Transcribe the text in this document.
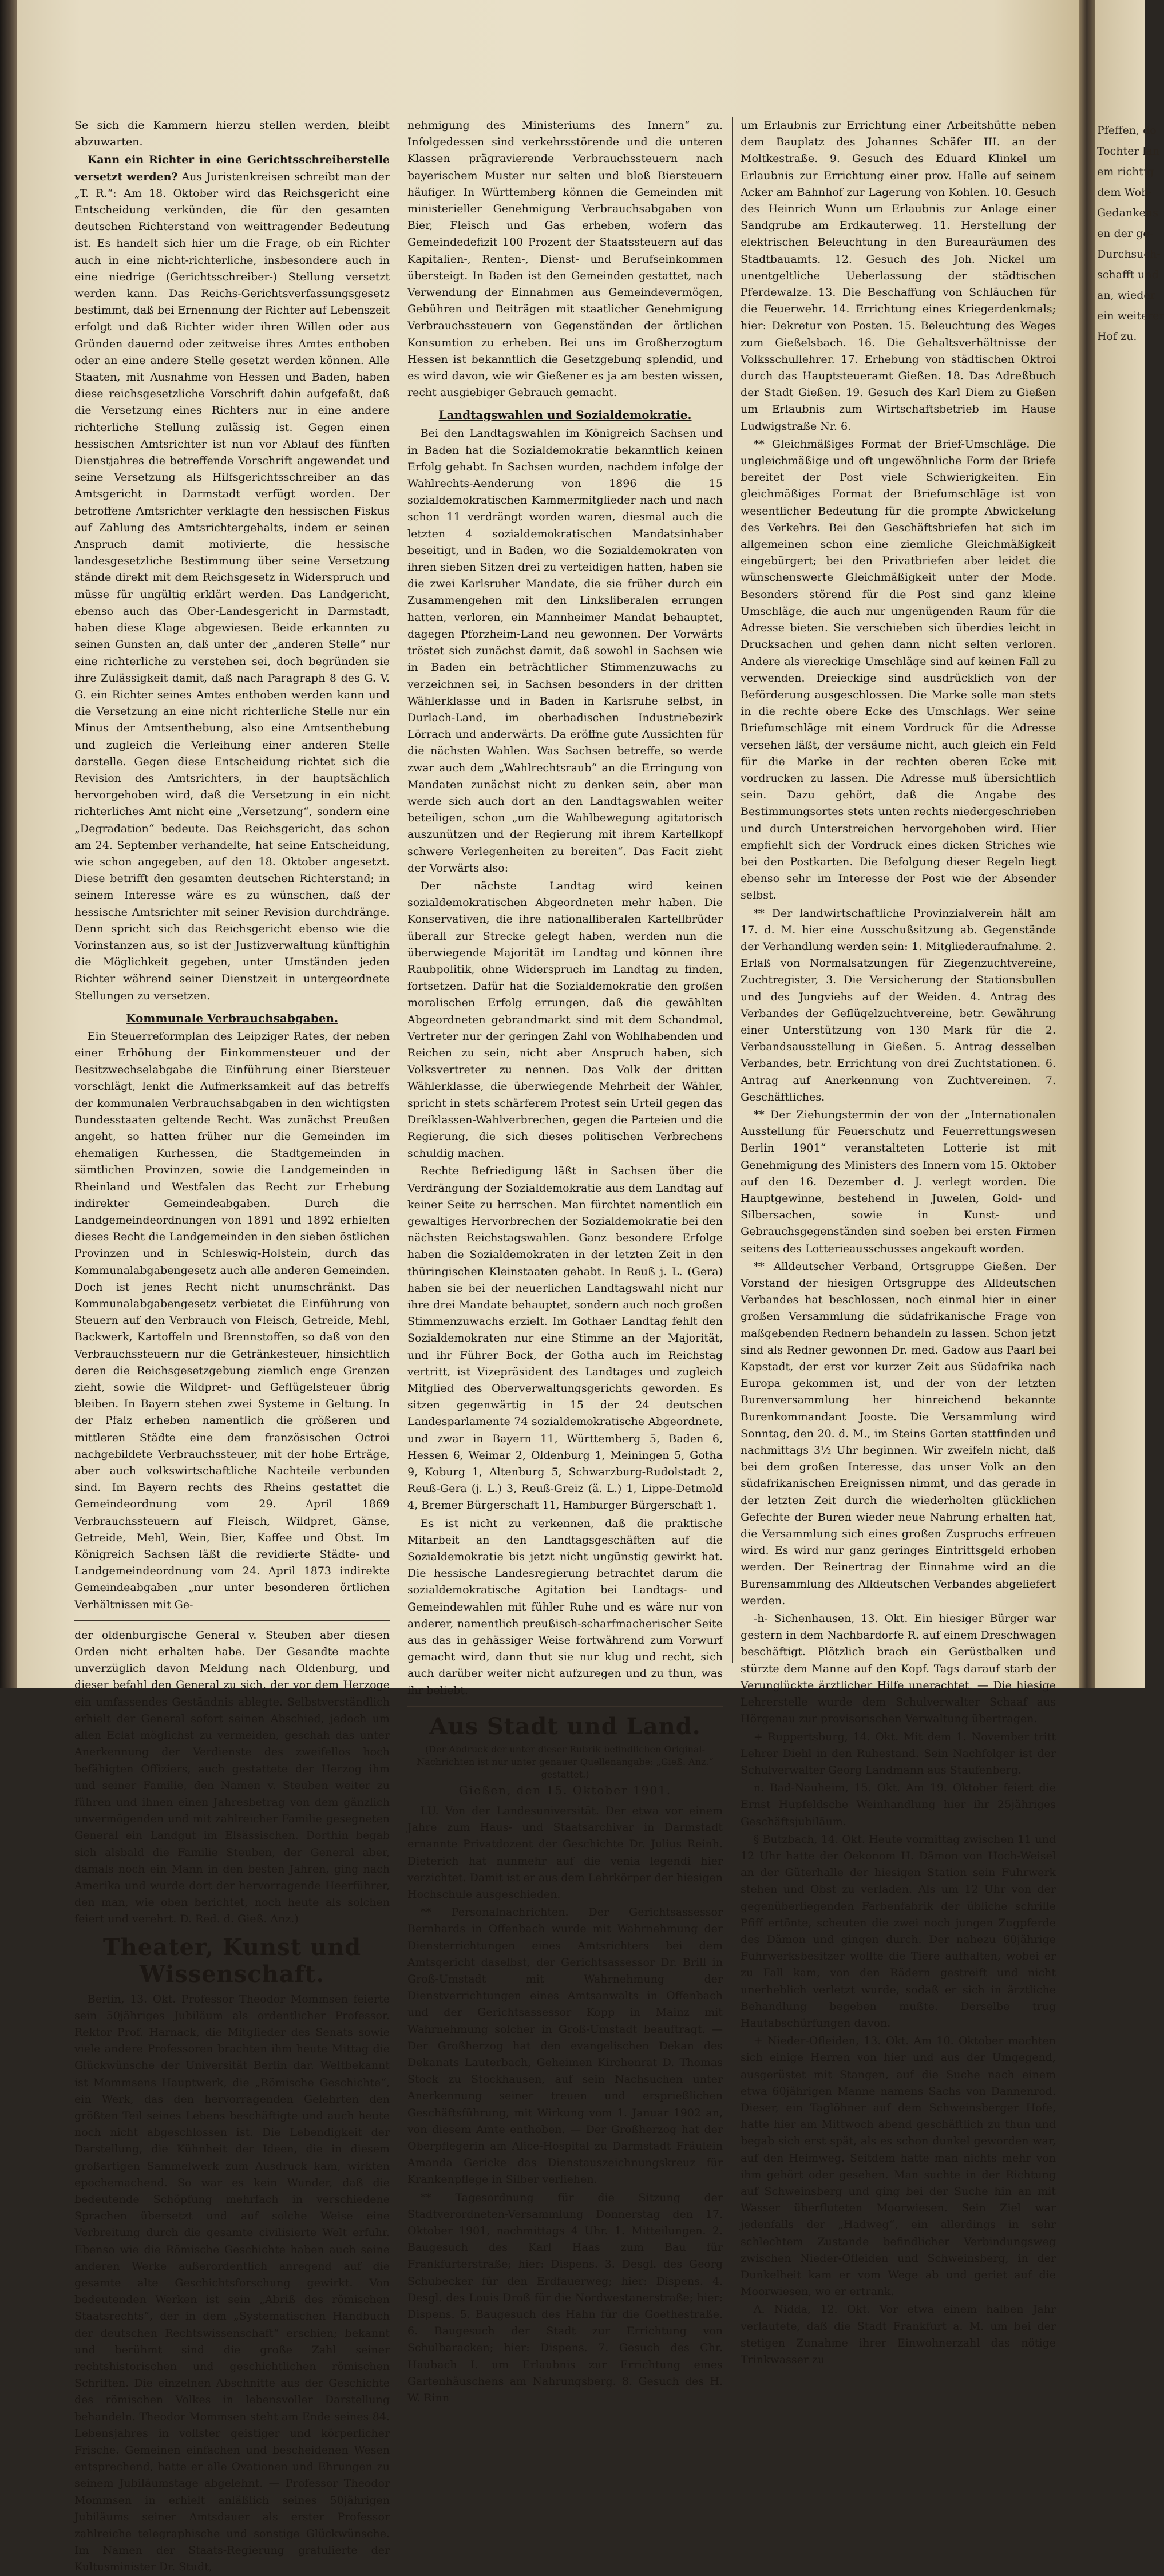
Se sich die Kammern hierzu stellen werden, bleibt abzuwarten.

Kann ein Richter in eine Gerichtsschreiberstelle versetzt werden? Aus Juristenkreisen schreibt man der „T. R.“: Am 18. Oktober wird das Reichsgericht eine Entscheidung verkünden, die für den gesamten deutschen Richterstand von weittragender Bedeutung ist. Es handelt sich hier um die Frage, ob ein Richter auch in eine nicht-richterliche, insbesondere auch in eine niedrige (Gerichtsschreiber-) Stellung versetzt werden kann. Das Reichs-Gerichtsverfassungsgesetz bestimmt, daß bei Ernennung der Richter auf Lebenszeit erfolgt und daß Richter wider ihren Willen oder aus Gründen dauernd oder zeitweise ihres Amtes enthoben oder an eine andere Stelle gesetzt werden können. Alle Staaten, mit Ausnahme von Hessen und Baden, haben diese reichsgesetzliche Vorschrift dahin aufgefaßt, daß die Versetzung eines Richters nur in eine andere richterliche Stellung zulässig ist. Gegen einen hessischen Amtsrichter ist nun vor Ablauf des fünften Dienstjahres die betreffende Vorschrift angewendet und seine Versetzung als Hilfsgerichtsschreiber an das Amtsgericht in Darmstadt verfügt worden. Der betroffene Amtsrichter verklagte den hessischen Fiskus auf Zahlung des Amtsrichtergehalts, indem er seinen Anspruch damit motivierte, die hessische landesgesetzliche Bestimmung über seine Versetzung stände direkt mit dem Reichsgesetz in Widerspruch und müsse für ungültig erklärt werden. Das Landgericht, ebenso auch das Ober-Landesgericht in Darmstadt, haben diese Klage abgewiesen. Beide erkannten zu seinen Gunsten an, daß unter der „anderen Stelle“ nur eine richterliche zu verstehen sei, doch begründen sie ihre Zulässigkeit damit, daß nach Paragraph 8 des G. V. G. ein Richter seines Amtes enthoben werden kann und die Versetzung an eine nicht richterliche Stelle nur ein Minus der Amtsenthebung, also eine Amtsenthebung und zugleich die Verleihung einer anderen Stelle darstelle. Gegen diese Entscheidung richtet sich die Revision des Amtsrichters, in der hauptsächlich hervorgehoben wird, daß die Versetzung in ein nicht richterliches Amt nicht eine „Versetzung“, sondern eine „Degradation“ bedeute. Das Reichsgericht, das schon am 24. September verhandelte, hat seine Entscheidung, wie schon angegeben, auf den 18. Oktober angesetzt. Diese betrifft den gesamten deutschen Richterstand; in seinem Interesse wäre es zu wünschen, daß der hessische Amtsrichter mit seiner Revision durchdränge. Denn spricht sich das Reichsgericht ebenso wie die Vorinstanzen aus, so ist der Justizverwaltung künftighin die Möglichkeit gegeben, unter Umständen jeden Richter während seiner Dienstzeit in untergeordnete Stellungen zu versetzen.

Kommunale Verbrauchsabgaben.

Ein Steuerreformplan des Leipziger Rates, der neben einer Erhöhung der Einkommensteuer und der Besitzwechselabgabe die Einführung einer Biersteuer vorschlägt, lenkt die Aufmerksamkeit auf das betreffs der kommunalen Verbrauchsabgaben in den wichtigsten Bundesstaaten geltende Recht. Was zunächst Preußen angeht, so hatten früher nur die Gemeinden im ehemaligen Kurhessen, die Stadtgemeinden in sämtlichen Provinzen, sowie die Landgemeinden in Rheinland und Westfalen das Recht zur Erhebung indirekter Gemeindeabgaben. Durch die Landgemeindeordnungen von 1891 und 1892 erhielten dieses Recht die Landgemeinden in den sieben östlichen Provinzen und in Schleswig-Holstein, durch das Kommunalabgabengesetz auch alle anderen Gemeinden. Doch ist jenes Recht nicht unumschränkt. Das Kommunalabgabengesetz verbietet die Einführung von Steuern auf den Verbrauch von Fleisch, Getreide, Mehl, Backwerk, Kartoffeln und Brennstoffen, so daß von den Verbrauchssteuern nur die Getränkesteuer, hinsichtlich deren die Reichsgesetzgebung ziemlich enge Grenzen zieht, sowie die Wildpret- und Geflügelsteuer übrig bleiben. In Bayern stehen zwei Systeme in Geltung. In der Pfalz erheben namentlich die größeren und mittleren Städte eine dem französischen Octroi nachgebildete Verbrauchssteuer, mit der hohe Erträge, aber auch volkswirtschaftliche Nachteile verbunden sind. Im Bayern rechts des Rheins gestattet die Gemeindeordnung vom 29. April 1869 Verbrauchssteuern auf Fleisch, Wildpret, Gänse, Getreide, Mehl, Wein, Bier, Kaffee und Obst. Im Königreich Sachsen läßt die revidierte Städte- und Landgemeindeordnung vom 24. April 1873 indirekte Gemeindeabgaben „nur unter besonderen örtlichen Verhältnissen mit Ge-

der oldenburgische General v. Steuben aber diesen Orden nicht erhalten habe. Der Gesandte machte unverzüglich davon Meldung nach Oldenburg, und dieser befahl den General zu sich, der vor dem Herzoge ein umfassendes Geständnis ablegte. Selbstverständlich erhielt der General sofort seinen Abschied, jedoch um allen Eclat möglichst zu vermeiden, geschah das unter Anerkennung der Verdienste des zweifellos hoch befähigten Offiziers, auch gestattete der Herzog ihm und seiner Familie, den Namen v. Steuben weiter zu führen und ihnen einen Jahresbetrag von dem gänzlich unvermögenden und mit zahlreicher Familie gesegneten General ein Landgut im Elsässischen. Dorthin begab sich alsbald die Familie Steuben, der General aber, damals noch ein Mann in den besten Jahren, ging nach Amerika und wurde dort der hervorragende Heerführer, den man, wie oben berichtet, noch heute als solchen feiert und verehrt. D. Red. d. Gieß. Anz.)

Theater, Kunst und Wissenschaft.

Berlin, 13. Okt. Professor Theodor Mommsen feierte sein 50jähriges Jubiläum als ordentlicher Professor. Rektor Prof. Harnack, die Mitglieder des Senats sowie viele andere Professoren brachten ihm heute Mittag die Glückwünsche der Universität Berlin dar. Weltbekannt ist Mommsens Hauptwerk, die „Römische Geschichte“, ein Werk, das den hervorragenden Gelehrten den größten Teil seines Lebens beschäftigte und auch heute noch nicht abgeschlossen ist. Die Lebendigkeit der Darstellung, die Kühnheit der Ideen, die in diesem großartigen Sammelwerk zum Ausdruck kam, wirkten epochemachend. So war es kein Wunder, daß die bedeutende Schöpfung mehrfach in verschiedene Sprachen übersetzt und auf solche Weise eine Verbreitung durch die gesamte civilisierte Welt erfuhr. Ebenso wie die Römische Geschichte haben auch seine anderen Werke außerordentlich anregend auf die gesamte alte Geschichtsforschung gewirkt. Von bedeutenden Werken ist sein „Abriß des römischen Staatsrechts“, der in dem „Systematischen Handbuch der deutschen Rechtswissenschaft“ erschien; bekannt und berühmt sind die große Zahl seiner rechtshistorischen und geschichtlichen römischen Schriften. Die einzelnen Abschnitte aus der Geschichte des römischen Volkes in lebensvoller Darstellung behandeln. Theodor Mommsen steht am Ende seines 84. Lebensjahres in vollster geistiger und körperlicher Frische. Gemeinen einfachen und bescheidenen Wesen entsprechend, hatte er alle Ovationen und Ehrungen zu seinem Jubiläumstage abgelehnt. — Professor Theodor Mommsen in erhielt anläßlich seines 50jährigen Jubiläums seiner Amtsdauer als erster Professor zahlreiche telegraphische und sonstige Glückwünsche. Im Namen der Staats-Regierung gratulierte der Kultusminister Dr. Studt,

nehmigung des Ministeriums des Innern“ zu. Infolgedessen sind verkehrsstörende und die unteren Klassen prägravierende Verbrauchssteuern nach bayerischem Muster nur selten und bloß Biersteuern häufiger. In Württemberg können die Gemeinden mit ministerieller Genehmigung Verbrauchsabgaben von Bier, Fleisch und Gas erheben, wofern das Gemeindedefizit 100 Prozent der Staatssteuern auf das Kapitalien-, Renten-, Dienst- und Berufseinkommen übersteigt. In Baden ist den Gemeinden gestattet, nach Verwendung der Einnahmen aus Gemeindevermögen, Gebühren und Beiträgen mit staatlicher Genehmigung Verbrauchssteuern von Gegenständen der örtlichen Konsumtion zu erheben. Bei uns im Großherzogtum Hessen ist bekanntlich die Gesetzgebung splendid, und es wird davon, wie wir Gießener es ja am besten wissen, recht ausgiebiger Gebrauch gemacht.

Landtagswahlen und Sozialdemokratie.

Bei den Landtagswahlen im Königreich Sachsen und in Baden hat die Sozialdemokratie bekanntlich keinen Erfolg gehabt. In Sachsen wurden, nachdem infolge der Wahlrechts-Aenderung von 1896 die 15 sozialdemokratischen Kammermitglieder nach und nach schon 11 verdrängt worden waren, diesmal auch die letzten 4 sozialdemokratischen Mandatsinhaber beseitigt, und in Baden, wo die Sozialdemokraten von ihren sieben Sitzen drei zu verteidigen hatten, haben sie die zwei Karlsruher Mandate, die sie früher durch ein Zusammengehen mit den Linksliberalen errungen hatten, verloren, ein Mannheimer Mandat behauptet, dagegen Pforzheim-Land neu gewonnen. Der Vorwärts tröstet sich zunächst damit, daß sowohl in Sachsen wie in Baden ein beträchtlicher Stimmenzuwachs zu verzeichnen sei, in Sachsen besonders in der dritten Wählerklasse und in Baden in Karlsruhe selbst, in Durlach-Land, im oberbadischen Industriebezirk Lörrach und anderwärts. Da eröffne gute Aussichten für die nächsten Wahlen. Was Sachsen betreffe, so werde zwar auch dem „Wahlrechtsraub“ an die Erringung von Mandaten zunächst nicht zu denken sein, aber man werde sich auch dort an den Landtagswahlen weiter beteiligen, schon „um die Wahlbewegung agitatorisch auszunützen und der Regierung mit ihrem Kartellkopf schwere Verlegenheiten zu bereiten“. Das Facit zieht der Vorwärts also:

Der nächste Landtag wird keinen sozialdemokratischen Abgeordneten mehr haben. Die Konservativen, die ihre nationalliberalen Kartellbrüder überall zur Strecke gelegt haben, werden nun die überwiegende Majorität im Landtag und können ihre Raubpolitik, ohne Widerspruch im Landtag zu finden, fortsetzen. Dafür hat die Sozialdemokratie den großen moralischen Erfolg errungen, daß die gewählten Abgeordneten gebrandmarkt sind mit dem Schandmal, Vertreter nur der geringen Zahl von Wohlhabenden und Reichen zu sein, nicht aber Anspruch haben, sich Volksvertreter zu nennen. Das Volk der dritten Wählerklasse, die überwiegende Mehrheit der Wähler, spricht in stets schärferem Protest sein Urteil gegen das Dreiklassen-Wahlverbrechen, gegen die Parteien und die Regierung, die sich dieses politischen Verbrechens schuldig machen.

Rechte Befriedigung läßt in Sachsen über die Verdrängung der Sozialdemokratie aus dem Landtag auf keiner Seite zu herrschen. Man fürchtet namentlich ein gewaltiges Hervorbrechen der Sozialdemokratie bei den nächsten Reichstagswahlen. Ganz besondere Erfolge haben die Sozialdemokraten in der letzten Zeit in den thüringischen Kleinstaaten gehabt. In Reuß j. L. (Gera) haben sie bei der neuerlichen Landtagswahl nicht nur ihre drei Mandate behauptet, sondern auch noch großen Stimmenzuwachs erzielt. Im Gothaer Landtag fehlt den Sozialdemokraten nur eine Stimme an der Majorität, und ihr Führer Bock, der Gotha auch im Reichstag vertritt, ist Vizepräsident des Landtages und zugleich Mitglied des Oberverwaltungsgerichts geworden. Es sitzen gegenwärtig in 15 der 24 deutschen Landesparlamente 74 sozialdemokratische Abgeordnete, und zwar in Bayern 11, Württemberg 5, Baden 6, Hessen 6, Weimar 2, Oldenburg 1, Meiningen 5, Gotha 9, Koburg 1, Altenburg 5, Schwarzburg-Rudolstadt 2, Reuß-Gera (j. L.) 3, Reuß-Greiz (ä. L.) 1, Lippe-Detmold 4, Bremer Bürgerschaft 11, Hamburger Bürgerschaft 1.

Es ist nicht zu verkennen, daß die praktische Mitarbeit an den Landtagsgeschäften auf die Sozialdemokratie bis jetzt nicht ungünstig gewirkt hat. Die hessische Landesregierung betrachtet darum die sozialdemokratische Agitation bei Landtags- und Gemeindewahlen mit fühler Ruhe und es wäre nur von anderer, namentlich preußisch-scharfmacherischer Seite aus das in gehässiger Weise fortwährend zum Vorwurf gemacht wird, dann thut sie nur klug und recht, sich auch darüber weiter nicht aufzuregen und zu thun, was ihr beliebt.

Aus Stadt und Land.
(Der Abdruck der unter dieser Rubrik befindlichen Original-Nachrichten ist nur unter genauer Quellenangabe: „Gieß. Anz.“ gestattet.)
Gießen, den 15. Oktober 1901.

LU. Von der Landesuniversität. Der etwa vor einem Jahre zum Haus- und Staatsarchivar in Darmstadt ernannte Privatdozent der Geschichte Dr. Julius Reinh. Dieterich hat nunmehr auf die venia legendi hier verzichtet. Damit ist er aus dem Lehrkörper der hiesigen Hochschule ausgeschieden.

** Personalnachrichten. Der Gerichtsassessor Bernhards in Offenbach wurde mit Wahrnehmung der Diensterrichtungen eines Amtsrichters bei dem Amtsgericht daselbst, der Gerichtsassessor Dr. Brill in Groß-Umstadt mit Wahrnehmung der Dienstverrichtungen eines Amtsanwalts in Offenbach und der Gerichtsassessor Kopp in Mainz mit Wahrnehmung solcher in Groß-Umstadt beauftragt. — Der Großherzog hat den evangelischen Dekan des Dekanats Lauterbach, Geheimen Kirchenrat D. Thomas Stock zu Stockhausen, auf sein Nachsuchen unter Anerkennung seiner treuen und ersprießlichen Geschäftsführung, mit Wirkung vom 1. Januar 1902 an, von diesem Amte enthoben. — Der Großherzog hat der Oberpflegerin am Alice-Hospital zu Darmstadt Fräulein Amanda Gericke das Dienstauszeichnungskreuz für Krankenpflege in Silber verliehen.

** Tagesordnung für die Sitzung der Stadtverordneten-Versammlung Donnerstag den 17. Oktober 1901, nachmittags 4 Uhr. 1. Mitteilungen. 2. Baugesuch des Karl Haas zum Bau für Frankfurterstraße; hier: Dispens. 3. Desgl. des Georg Schubecker für den Erdfauerweg; hier: Dispens. 4. Desgl. des Louis Droß für die Nordwestanerstraße; hier: Dispens. 5. Baugesuch des Hahn für die Goethestraße. 6. Baugesuch der Stadt zur Errichtung von Schulbaracken; hier: Dispens. 7. Gesuch des Chr. Haubach I. um Erlaubnis zur Errichtung eines Gartenhäuschens am Nahrungsberg. 8. Gesuch des H. W. Rinn

um Erlaubnis zur Errichtung einer Arbeitshütte neben dem Bauplatz des Johannes Schäfer III. an der Moltkestraße. 9. Gesuch des Eduard Klinkel um Erlaubnis zur Errichtung einer prov. Halle auf seinem Acker am Bahnhof zur Lagerung von Kohlen. 10. Gesuch des Heinrich Wunn um Erlaubnis zur Anlage einer Sandgrube am Erdkauterweg. 11. Herstellung der elektrischen Beleuchtung in den Bureauräumen des Stadtbauamts. 12. Gesuch des Joh. Nickel um unentgeltliche Ueberlassung der städtischen Pferdewalze. 13. Die Beschaffung von Schläuchen für die Feuerwehr. 14. Errichtung eines Kriegerdenkmals; hier: Dekretur von Posten. 15. Beleuchtung des Weges zum Gießelsbach. 16. Die Gehaltsverhältnisse der Volksschullehrer. 17. Erhebung von städtischen Oktroi durch das Hauptsteueramt Gießen. 18. Das Adreßbuch der Stadt Gießen. 19. Gesuch des Karl Diem zu Gießen um Erlaubnis zum Wirtschaftsbetrieb im Hause Ludwigstraße Nr. 6.

** Gleichmäßiges Format der Brief-Umschläge. Die ungleichmäßige und oft ungewöhnliche Form der Briefe bereitet der Post viele Schwierigkeiten. Ein gleichmäßiges Format der Briefumschläge ist von wesentlicher Bedeutung für die prompte Abwickelung des Verkehrs. Bei den Geschäftsbriefen hat sich im allgemeinen schon eine ziemliche Gleichmäßigkeit eingebürgert; bei den Privatbriefen aber leidet die wünschenswerte Gleichmäßigkeit unter der Mode. Besonders störend für die Post sind ganz kleine Umschläge, die auch nur ungenügenden Raum für die Adresse bieten. Sie verschieben sich überdies leicht in Drucksachen und gehen dann nicht selten verloren. Andere als viereckige Umschläge sind auf keinen Fall zu verwenden. Dreieckige sind ausdrücklich von der Beförderung ausgeschlossen. Die Marke solle man stets in die rechte obere Ecke des Umschlags. Wer seine Briefumschläge mit einem Vordruck für die Adresse versehen läßt, der versäume nicht, auch gleich ein Feld für die Marke in der rechten oberen Ecke mit vordrucken zu lassen. Die Adresse muß übersichtlich sein. Dazu gehört, daß die Angabe des Bestimmungsortes stets unten rechts niedergeschrieben und durch Unterstreichen hervorgehoben wird. Hier empfiehlt sich der Vordruck eines dicken Striches wie bei den Postkarten. Die Befolgung dieser Regeln liegt ebenso sehr im Interesse der Post wie der Absender selbst.

** Der landwirtschaftliche Provinzialverein hält am 17. d. M. hier eine Ausschußsitzung ab. Gegenstände der Verhandlung werden sein: 1. Mitgliederaufnahme. 2. Erlaß von Normalsatzungen für Ziegenzuchtvereine, Zuchtregister, 3. Die Versicherung der Stationsbullen und des Jungviehs auf der Weiden. 4. Antrag des Verbandes der Geflügelzuchtvereine, betr. Gewährung einer Unterstützung von 130 Mark für die 2. Verbandsausstellung in Gießen. 5. Antrag desselben Verbandes, betr. Errichtung von drei Zuchtstationen. 6. Antrag auf Anerkennung von Zuchtvereinen. 7. Geschäftliches.

** Der Ziehungstermin der von der „Internationalen Ausstellung für Feuerschutz und Feuerrettungswesen Berlin 1901“ veranstalteten Lotterie ist mit Genehmigung des Ministers des Innern vom 15. Oktober auf den 16. Dezember d. J. verlegt worden. Die Hauptgewinne, bestehend in Juwelen, Gold- und Silbersachen, sowie in Kunst- und Gebrauchsgegenständen sind soeben bei ersten Firmen seitens des Lotterieausschusses angekauft worden.

** Alldeutscher Verband, Ortsgruppe Gießen. Der Vorstand der hiesigen Ortsgruppe des Alldeutschen Verbandes hat beschlossen, noch einmal hier in einer großen Versammlung die südafrikanische Frage von maßgebenden Rednern behandeln zu lassen. Schon jetzt sind als Redner gewonnen Dr. med. Gadow aus Paarl bei Kapstadt, der erst vor kurzer Zeit aus Südafrika nach Europa gekommen ist, und der von der letzten Burenversammlung her hinreichend bekannte Burenkommandant Jooste. Die Versammlung wird Sonntag, den 20. d. M., im Steins Garten stattfinden und nachmittags 3½ Uhr beginnen. Wir zweifeln nicht, daß bei dem großen Interesse, das unser Volk an den südafrikanischen Ereignissen nimmt, und das gerade in der letzten Zeit durch die wiederholten glücklichen Gefechte der Buren wieder neue Nahrung erhalten hat, die Versammlung sich eines großen Zuspruchs erfreuen wird. Es wird nur ganz geringes Eintrittsgeld erhoben werden. Der Reinertrag der Einnahme wird an die Burensammlung des Alldeutschen Verbandes abgeliefert werden.

-h- Sichenhausen, 13. Okt. Ein hiesiger Bürger war gestern in dem Nachbardorfe R. auf einem Dreschwagen beschäftigt. Plötzlich brach ein Gerüstbalken und stürzte dem Manne auf den Kopf. Tags darauf starb der Verunglückte ärztlicher Hilfe unerachtet. — Die hiesige Lehrerstelle wurde dem Schulverwalter Schaaf aus Hörgenau zur provisorischen Verwaltung übertragen.

+ Ruppertsburg, 14. Okt. Mit dem 1. November tritt Lehrer Diehl in den Ruhestand. Sein Nachfolger ist der Schulverwalter Georg Landmann aus Staufenberg.

n. Bad-Nauheim, 15. Okt. Am 19. Oktober feiert die Ernst Hupfeldsche Weinhandlung hier ihr 25jähriges Geschäftsjubiläum.

§ Butzbach, 14. Okt. Heute vormittag zwischen 11 und 12 Uhr hatte der Oekonom H. Dämon von Hoch-Weisel an der Güterhalle der hiesigen Station sein Fuhrwerk stehen und Obst zu verladen. Als um 12 Uhr von der gegenüberliegenden Farbenfabrik der übliche schrille Pfiff ertönte, scheuten die zwei noch jungen Zugpferde des Dämon und gingen durch. Der nahezu 60jährige Fuhrwerksbesitzer wollte die Tiere aufhalten, wobei er zu Fall kam, von den Rädern gestreift und nicht unerheblich verletzt wurde, sodaß er sich in ärztliche Behandlung begeben mußte. Derselbe trug Hautabschürfungen davon.

+ Nieder-Ofleiden, 13. Okt. Am 10. Oktober machten sich einige Herren von hier und aus der Umgegend, ausgerüstet mit Stangen, auf die Suche nach einem etwa 60jährigen Manne namens Sachs von Dannenrod. Dieser, ein Taglöhner auf dem Schweinsberger Hofe, hatte hier am Mittwoch abend geschäftlich zu thun und begab sich erst spät, als es schon dunkel geworden war, auf den Heimweg. Seitdem hatte man nichts mehr von ihm gehört oder gesehen. Man suchte in der Richtung auf Schweinsberg und ging bei der Suche hin an mit Wasser überfluteten Moorwiesen. Sein Ziel war jedenfalls der „Hadweg“, ein allerdings in sehr schlechtem Zustande befindlicher Verbindungsweg zwischen Nieder-Ofleiden und Schweinsberg, in der Dunkelheit kam er vom Wege ab und geriet auf die Moorwiesen, wo er ertrank.

A. Nidda, 12. Okt. Vor etwa einem halben Jahr verlautete, daß die Stadt Frankfurt a. M. um bei der stetigen Zunahme ihrer Einwohnerzahl das nötige Trinkwasser zu

Pfeffen, do
Tochter lan
em richtig
dem Woh-
Gedankens
en der ge-
Durchsuch-
schafft und
an, wieder
ein weiterer
Hof zu.
